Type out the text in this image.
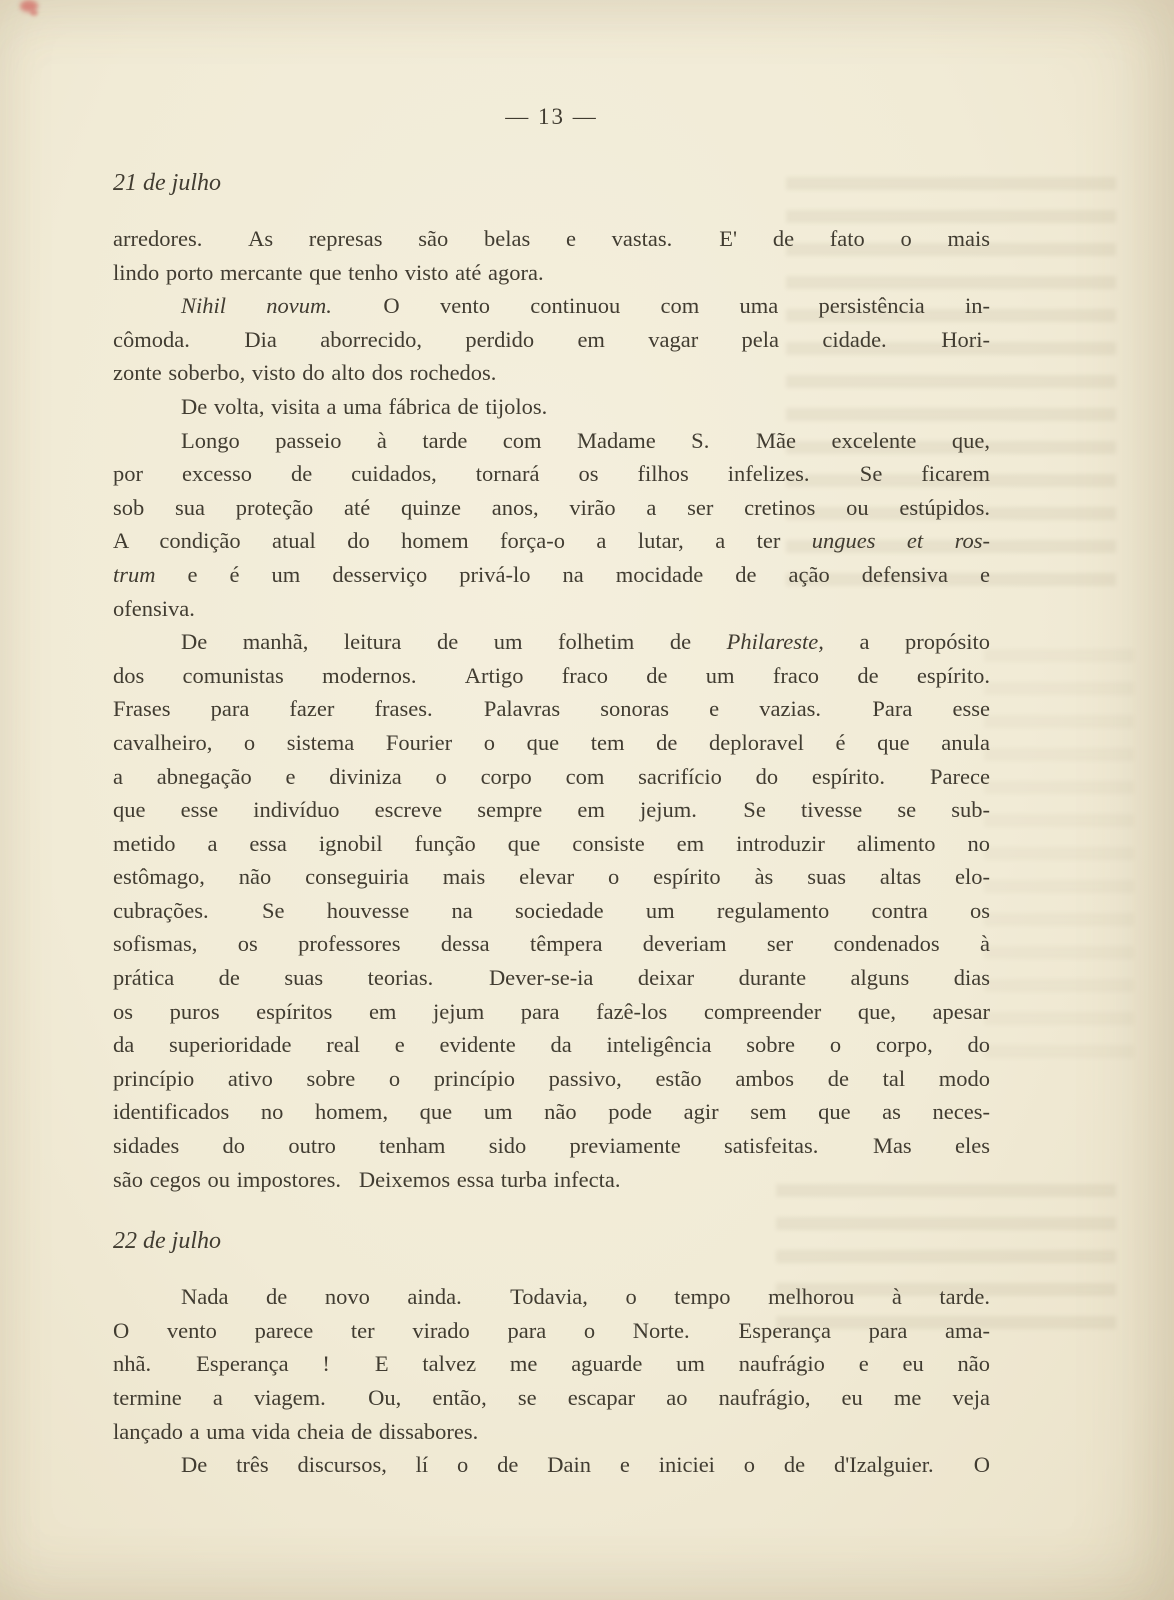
— 13 —
21 de julho
arredores.  As represas são belas e vastas.  E' de fato o mais
lindo porto mercante que tenho visto até agora.
Nihil novum.  O vento continuou com uma persistência in-
cômoda.  Dia aborrecido, perdido em vagar pela cidade.  Hori-
zonte soberbo, visto do alto dos rochedos.
De volta, visita a uma fábrica de tijolos.
Longo passeio à tarde com Madame S.  Mãe excelente que,
por excesso de cuidados, tornará os filhos infelizes.  Se ficarem
sob sua proteção até quinze anos, virão a ser cretinos ou estúpidos.
A condição atual do homem força-o a lutar, a ter ungues et ros-
trum e é um desserviço privá-lo na mocidade de ação defensiva e
ofensiva.
De manhã, leitura de um folhetim de Philareste, a propósito
dos comunistas modernos.  Artigo fraco de um fraco de espírito.
Frases para fazer frases.  Palavras sonoras e vazias.  Para esse
cavalheiro, o sistema Fourier o que tem de deploravel é que anula
a abnegação e diviniza o corpo com sacrifício do espírito.  Parece
que esse indivíduo escreve sempre em jejum.  Se tivesse se sub-
metido a essa ignobil função que consiste em introduzir alimento no
estômago, não conseguiria mais elevar o espírito às suas altas elo-
cubrações.  Se houvesse na sociedade um regulamento contra os
sofismas, os professores dessa têmpera deveriam ser condenados à
prática de suas teorias.  Dever-se-ia deixar durante alguns dias
os puros espíritos em jejum para fazê-los compreender que, apesar
da superioridade real e evidente da inteligência sobre o corpo, do
princípio ativo sobre o princípio passivo, estão ambos de tal modo
identificados no homem, que um não pode agir sem que as neces-
sidades do outro tenham sido previamente satisfeitas.  Mas eles
são cegos ou impostores.  Deixemos essa turba infecta.
22 de julho
Nada de novo ainda.  Todavia, o tempo melhorou à tarde.
O vento parece ter virado para o Norte.  Esperança para ama-
nhã.  Esperança !  E talvez me aguarde um naufrágio e eu não
termine a viagem.  Ou, então, se escapar ao naufrágio, eu me veja
lançado a uma vida cheia de dissabores.
De três discursos, lí o de Dain e iniciei o de d'Izalguier.  O
